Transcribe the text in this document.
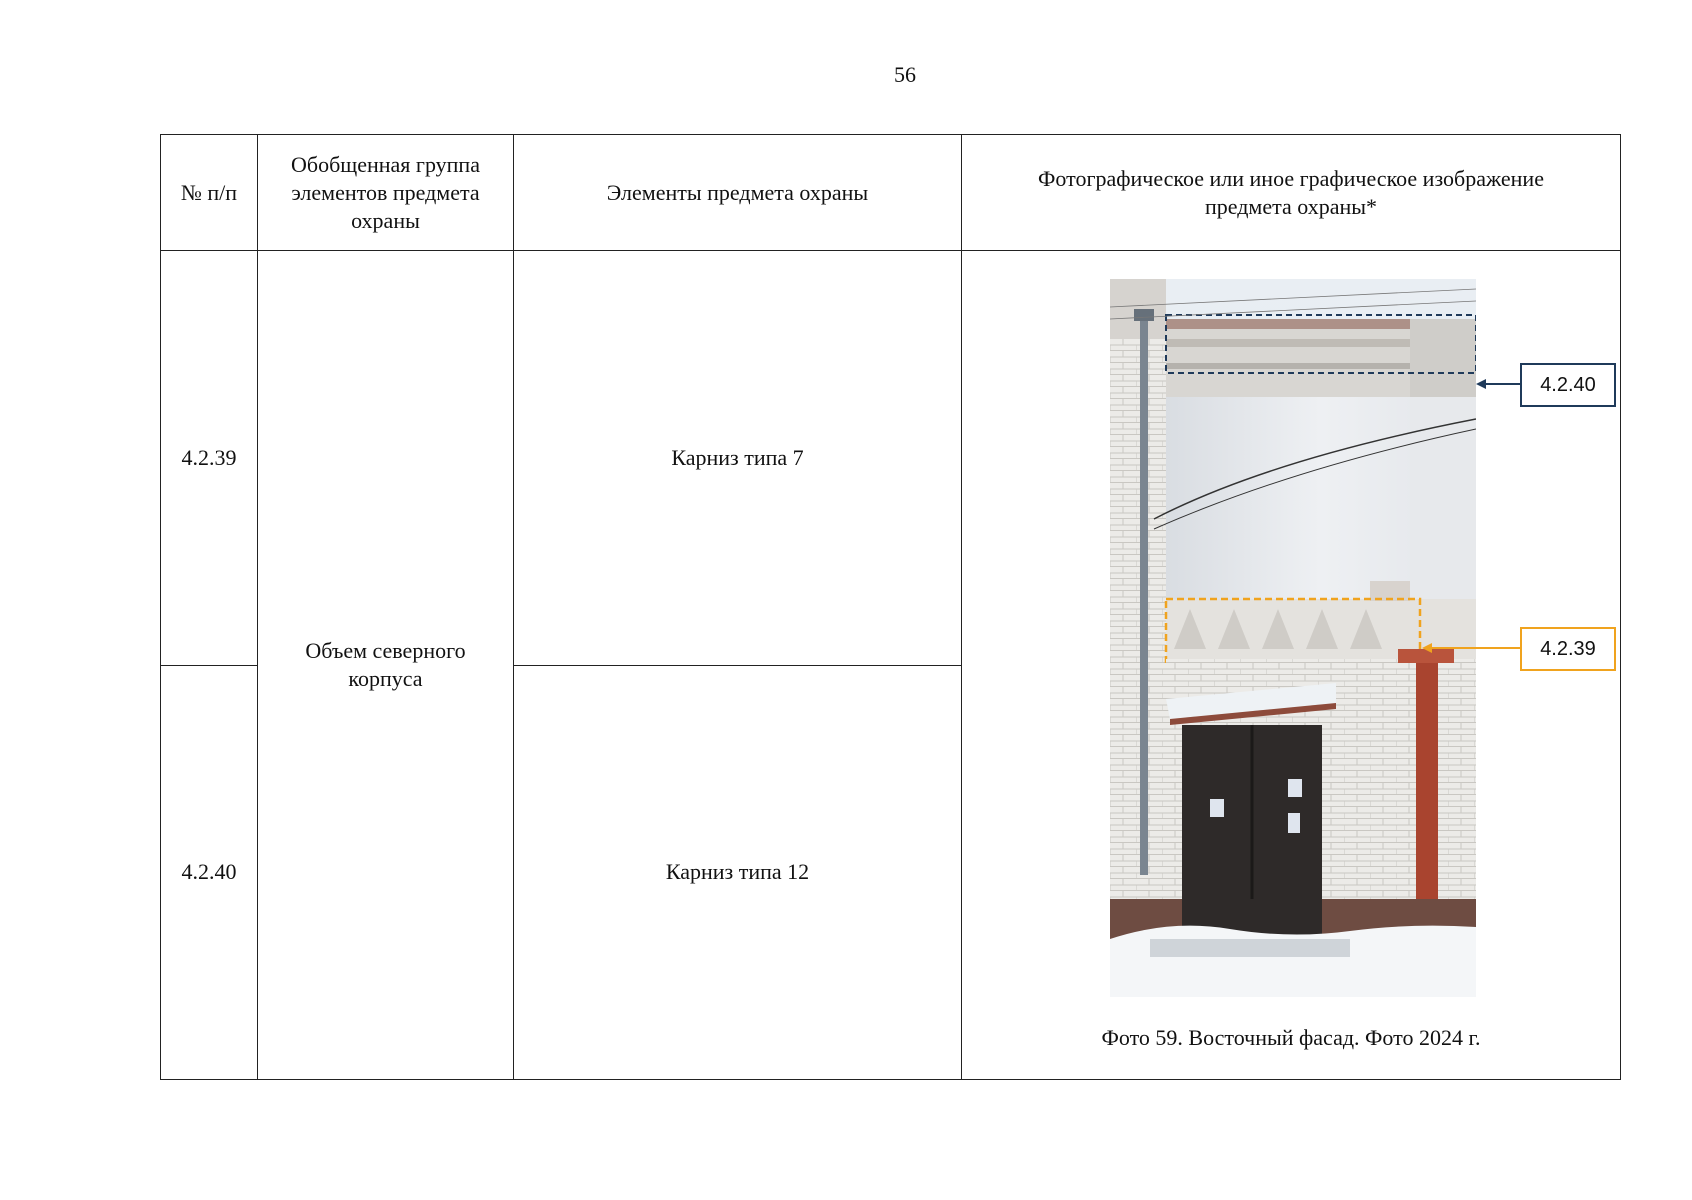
56
№ п/п	Обобщенная группа элементов предмета охраны	Элементы предмета охраны	Фотографическое или иное графическое изображение предмета охраны*
4.2.39	Объем северного корпуса	Карниз типа 7	4.2.40
4.2.39
Фото 59. Восточный фасад. Фото 2024 г.

4.2.40		Карниз типа 12	
